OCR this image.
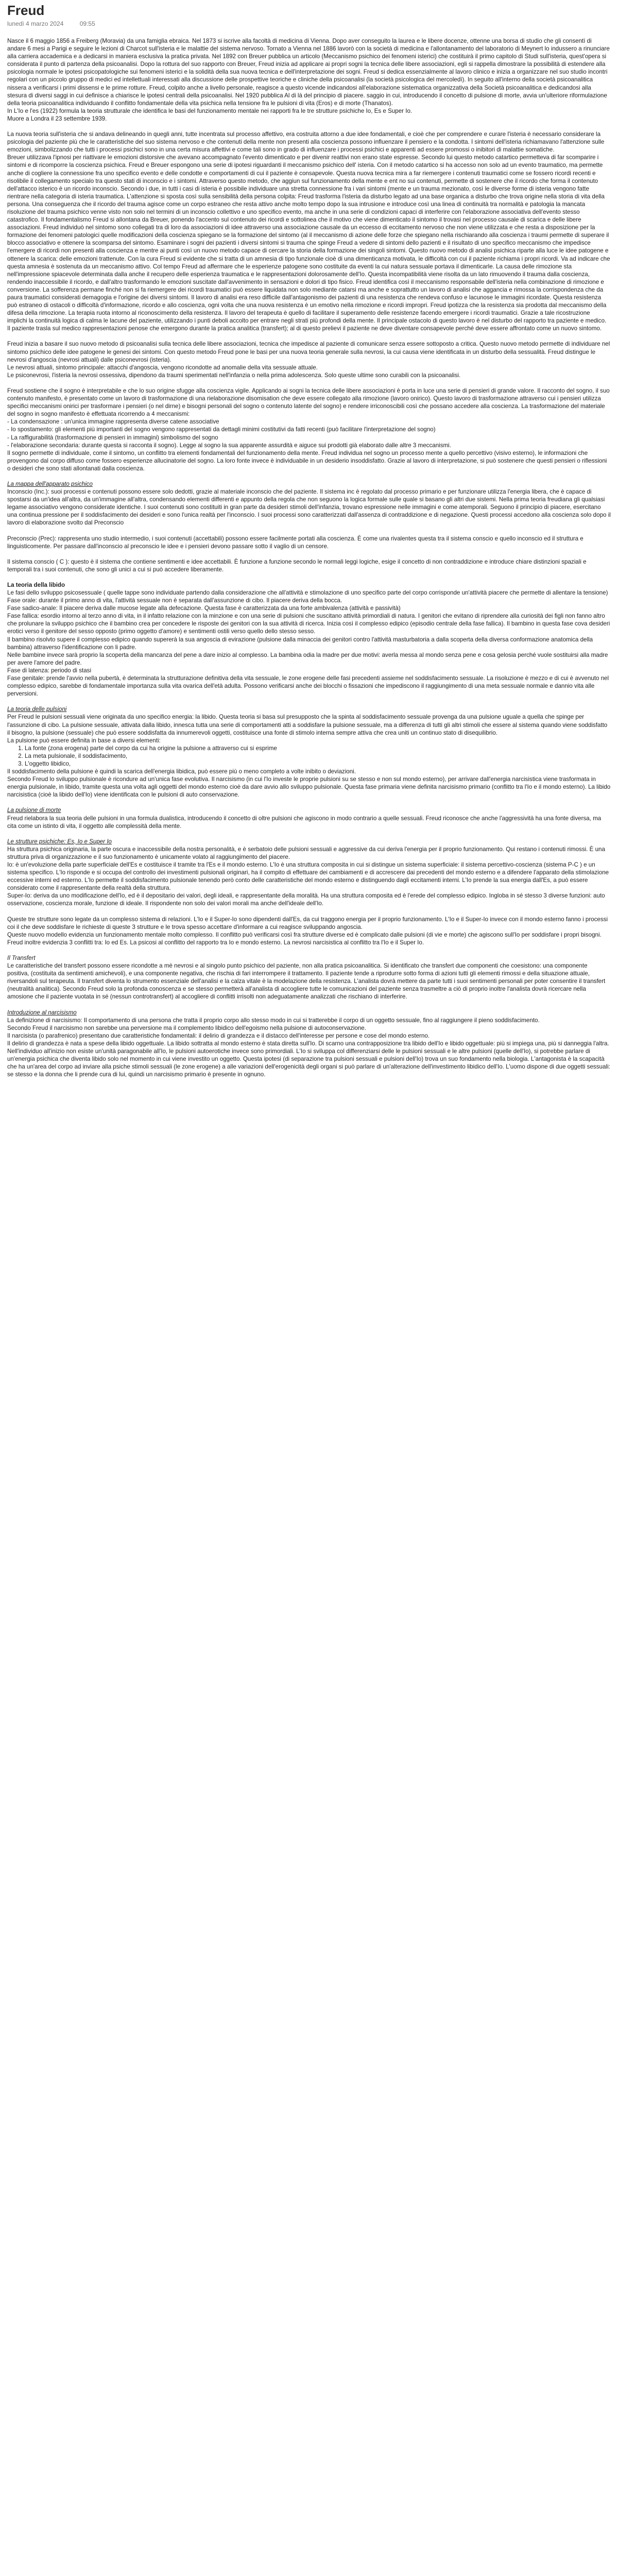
Freud
lunedì 4 marzo 2024	09:55

Nasce il 6 maggio 1856 a Freiberg (Moravia) da una famiglia ebraica. Nel 1873 si iscrive alla facoltà di medicina di Vienna. Dopo aver conseguito la laurea e le libere docenze, ottenne una borsa di studio che gli consentì di andare 6 mesi a Parigi e seguire le lezioni di Charcot sull'isteria e le malattie del sistema nervoso. Tornato a Vienna nel 1886 lavorò con la società di medicina e l'allontanamento del laboratorio di Meynert lo indussero a rinunciare alla carriera accademica e a dedicarsi in maniera esclusiva la pratica privata. Nel 1892 con Breuer pubblica un articolo (Meccanismo psichico dei fenomeni isterici) che costituirà il primo capitolo di Studi sull'isteria, quest'opera si considerata il punto di partenza della psicoanalisi. Dopo la rottura del suo rapporto con Breuer, Freud inizia ad applicare ai propri sogni la tecnica delle libere associazioni, egli si rappella dimostrare la possibilità di estendere alla psicologia normale le ipotesi psicopatologiche sui fenomeni isterici e la solidità della sua nuova tecnica e dell'interpretazione dei sogni. Freud si dedica essenzialmente al lavoro clinico e inizia a organizzare nel suo studio incontri regolari con un piccolo gruppo di medici ed intellettuali interessati alla discussione delle prospettive teoriche e cliniche della psicoanalisi (la società psicologica del mercoledì). In seguito all'interno della società psicoanalitica nissera a verificarsi i primi dissensi e le prime rotture. Freud, colpito anche a livello personale, reagisce a questo vicende indicandosi all'elaborazione sistematica organizzativa della Società psicoanalitica e dedicandosi alla stesura di diversi saggi in cui definisce a chiarisce le ipotesi centrali della psicoanalisi. Nel 1920 pubblica Al di là del principio di piacere. saggio in cui, introducendo il concetto di pulsione di morte, avvia un'ulteriore riformulazione della teoria psicoanalitica individuando il conflitto fondamentale della vita psichica nella tensione fra le pulsioni di vita (Eros) e di morte (Thanatos).

In L'Io e l'es (1922) formula la teoria strutturale che identifica le basi del funzionamento mentale nei rapporti fra le tre strutture psichiche Io, Es e Super Io.

Muore a Londra il 23 settembre 1939.

La nuova teoria sull'isteria che si andava delineando in quegli anni, tutte incentrata sul processo affettivo, era costruita attorno a due idee fondamentali, e cioè che per comprendere e curare l'isteria è necessario considerare la psicologia del paziente più che le caratteristiche del suo sistema nervoso e che contenuti della mente non presenti alla coscienza possono influenzare il pensiero e la condotta. I sintomi dell'isteria richiamavano l'attenzione sulle emozioni, simbolizzando che tutti i processi psichici sono in una certa misura affettivi e come tali sono in grado di influenzare i processi psichici e apparenti ad essere promossi o inibitori di malattie somatiche.

Breuer utilizzava l'ipnosi per riattivare le emozioni distorsive che avevano accompagnato l'evento dimenticato e per divenir reattivi non erano state espresse. Secondo lui questo metodo catartico permetteva di far scomparire i sintomi e di ricomporre la coscienza psichica. Freud e Breuer espongono una serie di ipotesi riguardanti il meccanismo psichico dell' isteria. Con il metodo catartico si ha accesso non solo ad un evento traumatico, ma permette anche di cogliere la connessione fra uno specifico evento e delle condotte e comportamenti di cui il paziente è consapevole. Questa nuova tecnica mira a far riemergere i contenuti traumatici come se fossero ricordi recenti e risolibile il collegamento specialo tra questo stati di inconscio e i sintomi. Attraverso questo metodo, che aggiun sul funzionamento della mente e ent no sui contenuti, permette di sostenere che il ricordo che forma il contenuto dell'attacco isterico è un ricordo inconscio. Secondo i due, in tutti i casi di isteria è possibile individuare una stretta connessione fra i vari sintomi (mente e un trauma mezionato, così le diverse forme di isteria vengono fatte rientrare nella categoria di isteria traumatica. L'attenzione si sposta così sulla sensibilità della persona colpita: Freud trasforma l'isteria da disturbo legato ad una base organica a disturbo che trova origine nella storia di vita della persona. Una conseguenza che il ricordo del trauma agisce come un corpo estraneo che resta attivo anche molto tempo dopo la sua intrusione e introduce così una linea di continuità tra normalità e patologia la mancata risoluzione del trauma psichico venne visto non solo nel termini di un inconscio collettivo e uno specifico evento, ma anche in una serie di condizioni capaci di interferire con l'elaborazione associativa dell'evento stesso catastrofico. Il fondamentalismo Freud si allontana da Breuer, ponendo l'accento sul contenuto dei ricordi e sottolinea che il motivo che viene dimenticato il sintomo il trovasi nel processo causale di scarica e delle libere associazioni. Freud individuò nel sintomo sono collegati tra di loro da associazioni di idee attraverso una associazione causale da un eccesso di eccitamento nervoso che non viene utilizzata e che resta a disposizione per la formazione dei fenomeni patologici quelle modificazioni della coscienza spiegano se la formazione del sintomo (al il meccanismo di azione delle forze che spiegano nella rischiarando alla coscienza i traumi permette di superare il blocco associativo e ottenere la scomparsa del sintomo. Esaminare i sogni dei pazienti i diversi sintomi si trauma che spinge Freud a vedere di sintomi dello pazienti e il risultato di uno specifico meccanismo che impedisce l'emergere di ricordi non presenti alla coscienza e mentre ai punti così un nuovo metodo capace di cercare la storia della formazione dei singoli sintomi. Questo nuovo metodo di analisi psichica riparte alla luce le idee patogene e ottenere la scarica: delle emozioni trattenute. Con la cura Freud si evidente che si tratta di un amnesia di tipo funzionale cioè di una dimenticanza motivata, le difficoltà con cui il paziente richiama i propri ricordi. Va ad indicare che questa amnesia è sostenuta da un meccanismo attivo. Col tempo Freud ad affermare che le esperienze patogene sono costituite da eventi la cui natura sessuale portava il dimenticarle. La causa delle rimozione sta nell'impressione spiacevole determinata dalla anche il recupero delle esperienza traumatica e le rappresentazioni dolorosamente dell'Io. Questa incompatibilità viene risolta da un lato rimuovendo il trauma dalla coscienza, rendendo inaccessibile il ricordo, e dall'altro trasformando le emozioni suscitate dall'avvenimento in sensazioni e dolori di tipo fisico. Freud identifica così il meccanismo responsabile dell'isteria nella combinazione di rimozione e conversione. La sofferenza permane finché non si fa riemergere dei ricordi traumatici può essere liquidata non solo mediante catarsi ma anche e soprattutto un lavoro di analisi che aggancia e rimossa la corrispondenza che da paura traumatici considerati demagogia e l'origine dei diversi sintomi. Il lavoro di analisi era reso difficile dall'antagonismo dei pazienti di una resistenza che rendeva confuso e lacunose le immagini ricordate. Questa resistenza può estraneo di ostacoli o difficoltà d'informazione, ricordo e allo coscienza, ogni volta che una nuova resistenza è un emotivo nella rimozione e ricordi impropri. Freud ipotizza che la resistenza sia prodotta dal meccanismo della difesa della rimozione. La terapia ruota intorno al riconoscimento della resistenza. Il lavoro del terapeuta è quello di facilitare il superamento delle resistenze facendo emergere i ricordi traumatici. Grazie a tale ricostruzione implichi la continuità logica di calma le lacune del paziente, utilizzando i punti deboli accolto per entrare negli strati più profondi della mente. Il principale ostacolo di questo lavoro è nel disturbo del rapporto tra paziente e medico. Il paziente trasla sul medico rappresentazioni penose che emergono durante la pratica analitica (transfert); al di questo prelievi il paziente ne deve diventare consapevole perché deve essere affrontato come un nuovo sintomo.

Freud inizia a basare il suo nuovo metodo di psicoanalisi sulla tecnica delle libere associazioni, tecnica che impedisce al paziente di comunicare senza essere sottoposto a critica. Questo nuovo metodo permette di individuare nel sintomo psichico delle idee patogene le genesi dei sintomi. Con questo metodo Freud pone le basi per una nuova teoria generale sulla nevrosi, la cui causa viene identificata in un disturbo della sessualità. Freud distingue le nevrosi d'angoscia (nevrosi attuali) dalle psiconevrosi (isteria).

Le nevrosi attuali, sintomo principale: attacchi d'angoscia, vengono ricondotte ad anomalie della vita sessuale attuale.

Le psiconevrosi, l'isteria la nevrosi ossessiva, dipendono da traumi sperimentati nell'infanzia o nella prima adolescenza. Solo queste ultime sono curabili con la psicoanalisi.

Freud sostiene che il sogno è interpretabile e che lo suo origine sfugge alla coscienza vigile. Applicando ai sogni la tecnica delle libere associazioni è porta in luce una serie di pensieri di grande valore. Il racconto del sogno, il suo contenuto manifesto, è presentato come un lavoro di trasformazione di una rielaborazione disomisation che deve essere collegato alla rimozione (lavoro onirico). Questo lavoro di trasformazione attraverso cui i pensieri utilizza specifici meccanismi onirici per trasformare i pensieri (o nel dirne) e bisogni personali del sogno o contenuto latente del sogno) e rendere irriconoscibili così che possano accedere alla coscienza. La trasformazione del materiale del sogno in sogno manifesto è effettuata ricorrendo a 4 meccanismi:

- La condensazione : un'unica immagine rappresenta diverse catene associative

- Io spostamento: gli elementi più importanti del sogno vengono rappresentati da dettagli minimi costitutivi da fatti recenti (può facilitare l'interpretazione del sogno)

- La raffigurabilità (trasformazione di pensieri in immagini) simbolismo del sogno

- l'elaborazione secondaria: durante questa si racconta il sogno). Legge al sogno la sua apparente assurdità e aiguce sui prodotti già elaborato dalle altre 3 meccanismi.

Il sogno permette di individuale, come il sintomo, un conflitto tra elementi fondamentali del funzionamento della mente. Freud individua nel sogno un processo mente a quello percettivo (visivo esterno), le informazioni che provengono dal corpo diffuso come fossero esperienze allucinatorie del sogno. La loro fonte invece è individuabile in un desiderio insoddisfatto. Grazie al lavoro di interpretazione, si può sostenere che questi pensieri o riflessioni o desideri che sono stati allontanati dalla coscienza.

La mappa dell'apparato psichico

Inconscio (Inc.): suoi processi e contenuti possono essere solo dedotti, grazie al materiale inconscio che del paziente. Il sistema inc è regolato dal processo primario e per funzionare utilizza l'energia libera, che è capace di spostarsi da un'idea all'altra, da un'immagine all'altra, condensando elementi differenti e appunto della regola che non seguono la logica formale sulle quale si basano gli altri due sistemi. Nella prima teoria freudiana gli qualsiasi legame associativo vengono considerate identiche. I suoi contenuti sono costituiti in gran parte da desideri stimoli dell'infanzia, trovano espressione nelle immagini e come atemporali. Seguono il principio di piacere, esercitano una continua pressione per il soddisfacimento dei desideri e sono l'unica realtà per l'inconscio. I suoi processi sono caratterizzati dall'assenza di contraddizione e di negazione. Questi processi accedono alla coscienza solo dopo il lavoro di elaborazione svolto dal Preconscio

Preconscio (Prec): rappresenta uno studio intermedio, i suoi contenuti (accettabili) possono essere facilmente portati alla coscienza. È come una rivalentes questa tra il sistema conscio e quello inconscio ed il struttura e linguisticomente. Per passare dall'inconscio al preconscio le idee e i pensieri devono passare sotto il vaglio di un censore.

Il sistema conscio ( C ): questo è il sistema che contiene sentimenti e idee accettabili. È funzione a funzione secondo le normali leggi logiche, esige il concetto di non contraddizione e introduce chiare distinzioni spaziali e temporali tra i suoi contenuti, che sono gli unici a cui si può accedere liberamente.

La teoria della libido

Le fasi dello sviluppo psicosessuale ( quelle tappe sono individuate partendo dalla considerazione che all'attività e stimolazione di uno specifico parte del corpo corrisponde un'attività piacere che permette di allentare la tensione)

Fase orale: durante il primo anno di vita, l'attività sessuale non è separata dall'assunzione di cibo. Il piacere deriva della bocca.

Fase sadico-anale: Il piacere deriva dalle mucose legate alla defecazione. Questa fase è caratterizzata da una forte ambivalenza (attività e passività)

Fase fallica: esordio intorno al terzo anno di vita, in il infatto relazione con la minzione e con una serie di pulsioni che suscitano attività primordiali di natura. I genitori che evitano di riprendere alla curiosità dei figli non fanno altro che prolunare la sviluppo psichico che il bambino crea per concedere le risposte dei genitori con la sua attività di ricerca. Inizia così il complesso edipico (episodio centrale della fase fallica). Il bambino in questa fase cova desideri erotici verso il genitore del sesso opposto (primo oggetto d'amore) e sentimenti ostili verso quello dello stesso sesso.

Il bambino risolvto supere il complesso edipico quando supererà la sua angoscia di evirazione (pulsione dalla minaccia dei genitori contro l'attività masturbatoria a dalla scoperta della diversa conformazione anatomica della bambina) attraverso l'identificazione con li padre.

Nelle bambine invece sarà proprio la scoperta della mancanza del pene a dare inizio al complesso. La bambina odia la madre per due motivi: averla messa al mondo senza pene e cosa gelosia perché vuole sostituirsi alla madre per avere l'amore del padre.

Fase di latenza: periodo di stasi

Fase genitale: prende l'avvio nella pubertà, è determinata la strutturazione definitiva della vita sessuale, le zone erogene delle fasi precedenti assieme nel soddisfacimento sessuale. La risoluzione è mezzo e di cui è avvenuto nel complesso edipico, sarebbe di fondamentale importanza sulla vita ovarica dell'età adulta. Possono verificarsi anche dei blocchi o fissazioni che impediscono il raggiungimento di una meta sessuale normale e dannio vita alle perversioni.

La teoria delle pulsioni

Per Freud le pulsioni sessuali viene originata da uno specifico energia: la libido. Questa teoria si basa sul presupposto che la spinta al soddisfacimento sessuale provenga da una pulsione uguale a quella che spinge per l'assunzione di cibo. La pulsione sessuale, attivata dalla libido, innesca tutta una serie di comportamenti atti a soddisfare la pulsione sessuale, ma a differenza di tutti gli altri stimoli che essere al sistema quando viene soddisfatto il bisogno, la pulsione (sessuale) che può essere soddisfatta da innumerevoli oggetti, costituisce una fonte di stimolo interna sempre attiva che crea uniti un continuo stato di disequilibrio.

La pulsione può essere definita in base a diversi elementi:

1. La fonte (zona erogena) parte del corpo da cui ha origine la pulsione a attraverso cui si esprime
2. La meta pulsionale, il soddisfacimento,
3. L'oggetto libidico,

Il soddisfacimento della pulsione è quindi la scarica dell'energia libidica, può essere più o meno completo a volte inibito o deviazioni.

Secondo Freud lo sviluppo pulsionale è ricondure ad un'unica fase evolutiva. Il narcisismo (in cui l'Io investe le proprie pulsioni su se stesso e non sul mondo esterno), per arrivare dall'energia narcisistica viene trasformata in energia pulsionale, in libido, tramite questa una volta agli oggetti del mondo esterno cioè da dare avvio allo sviluppo pulsionale. Questa fase primaria viene definita narcisismo primario (conflitto tra l'Io e il mondo esterno). La libido narcisistica (cioè la libido dell'Io) viene identificata con le pulsioni di auto conservazione.

La pulsione di morte

Freud rielabora la sua teoria delle pulsioni in una formula dualistica, introducendo il concetto di oltre pulsioni che agiscono in modo contrario a quelle sessuali. Freud riconosce che anche l'aggressività ha una fonte diversa, ma cita come un istinto di vita, il oggetto alle complessità della mente.

Le strutture psichiche: Es, Io e Super Io

Ha struttura psichica originaria, la parte oscura e inaccessibile della nostra personalità, e è serbatoio delle pulsioni sessuali e aggressive da cui deriva l'energia per il proprio funzionamento. Qui restano i contenuti rimossi. È una struttura priva di organizzazione e il suo funzionamento è unicamente volato al raggiungimento del piacere.

Io: è un'evoluzione della parte superficiale dell'Es e costituisce il tramite tra l'Es e il mondo esterno. L'Io è una struttura composita in cui si distingue un sistema superficiale: il sistema percettivo-coscienza (sistema P-C ) e un sistema specifico. L'Io risponde e si occupa del controllo dei investimenti pulsionali originari, ha il compito di effettuare dei cambiamenti e di accrescere dai precedenti del mondo esterno e a difendere l'apparato della stimolazione eccessive interni ed esterno. L'Io permette il soddisfacimento pulsionale tenendo però conto delle caratteristiche del mondo esterno e distinguendo dagli eccitamenti interni. L'Io prende la sua energia dall'Es, a può essere considerato come il rappresentante della realtà della struttura.

Super-Io: deriva da uno modificazione dell'Io, ed è il depositario dei valori, degli ideali, e rappresentante della moralità. Ha una struttura composita ed è l'erede del complesso edipico. Ingloba in sé stesso 3 diverse funzioni: auto osservazione, coscienza morale, funzione di ideale. Il rispondente non solo dei valori morali ma anche dell'ideale dell'Io.

Queste tre strutture sono legate da un complesso sistema di relazioni. L'Io e il Super-Io sono dipendenti dall'Es, da cui traggono energia per il proprio funzionamento. L'Io e il Super-Io invece con il mondo esterno fanno i processi coi il che deve soddisfare le richieste di queste 3 strutture e le trova spesso accettare d'informare a cui reagisce sviluppando angoscia.

Queste nuovo modello evidenzia un funzionamento mentale molto complesso. Il conflitto può verificarsi così fra strutture diverse ed è complicato dalle pulsioni (di vie e morte) che agiscono sull'Io per soddisfare i propri bisogni.

Freud inoltre evidenzia 3 conflitti tra: Io ed Es. La psicosi al conflitto del rapporto tra Io e mondo esterno. La nevrosi narcisistica al conflitto tra l'Io e il Super Io.

Il Transfert

Le caratteristiche del transfert possono essere ricondotte a mè nevrosi e al singolo punto psichico del paziente, non alla pratica psicoanalitica. Si identificato che transfert due componenti che coesistono: una componente positiva, (costituita da sentimenti amichevoli), e una componente negativa, che rischia di fari interrompere il trattamento. Il paziente tende a riprodurre sotto forma di azioni tutti gli elementi rimossi e della situazione attuale, riversandoli sul terapeuta. Il transfert diventa lo strumento essenziale dell'analisi e la calza vitale è la modelazione della resistenza. L'analista dovrà mettere da parte tutti i suoi sentimenti personali per poter consentire il transfert (neutralità analitica). Secondo Freud solo la profonda conoscenza e se stesso permetterà all'analista di accogliere tutte le comunicazioni del paziente senza trasmeltre a ciò di proprio inoltre l'analista dovrà ricercare nella amosione che il paziente vuotata in sé (nessun controtransfert) al accogliere di conflitti irrisolti non adeguatamente analizzati che rischiano di interferire.

Introduzione al narcisismo

La definizione di narcisismo: Il comportamento di una persona che tratta il proprio corpo allo stesso modo in cui si tratterebbe il corpo di un oggetto sessuale, fino al raggiungere il pieno soddisfacimento.

Secondo Freud il narcisismo non sarebbe una perversione ma il complemento libidico dell'egoismo nella pulsione di autoconservazione.

Il narcisista (o parafrenico) presentano due caratteristiche fondamentali: il delirio di grandezza e il distacco dell'interesse per persone e cose del mondo esterno.

Il delirio di grandezza è nata a spese della libido oggettuale. La libido sottratta al mondo esterno è stata diretta sull'Io. Di scarno una contrapposizione tra libido dell'Io e libido oggettuale: più si impiega una, più si danneggia l'altra.

Nell'individuo all'inizio non esiste un'unità paragonabile all'Io, le pulsioni autoerotiche invece sono primordiali. L'Io si sviluppa col differenziarsi delle le pulsioni sessuali e le altre pulsioni (quelle dell'Io), si potrebbe parlare di un'energia psichica che diventa libido solo nel momento in cui viene investito un oggetto. Questa ipotesi (di separazione tra pulsioni sessuali e pulsioni dell'Io) trova un suo fondamento nella biologia. L'antagonista è la scapacità che ha un'area del corpo ad inviare alla psiche stimoli sessuali (le zone erogene) a alle variazioni dell'erogenicità degli organi si può parlare di un'alterazione dell'investimento libidico dell'Io. L'uomo dispone di due oggetti sessuali: se stesso e la donna che li prende cura di lui, quindi un narcisismo primario è presente in ognuno.
